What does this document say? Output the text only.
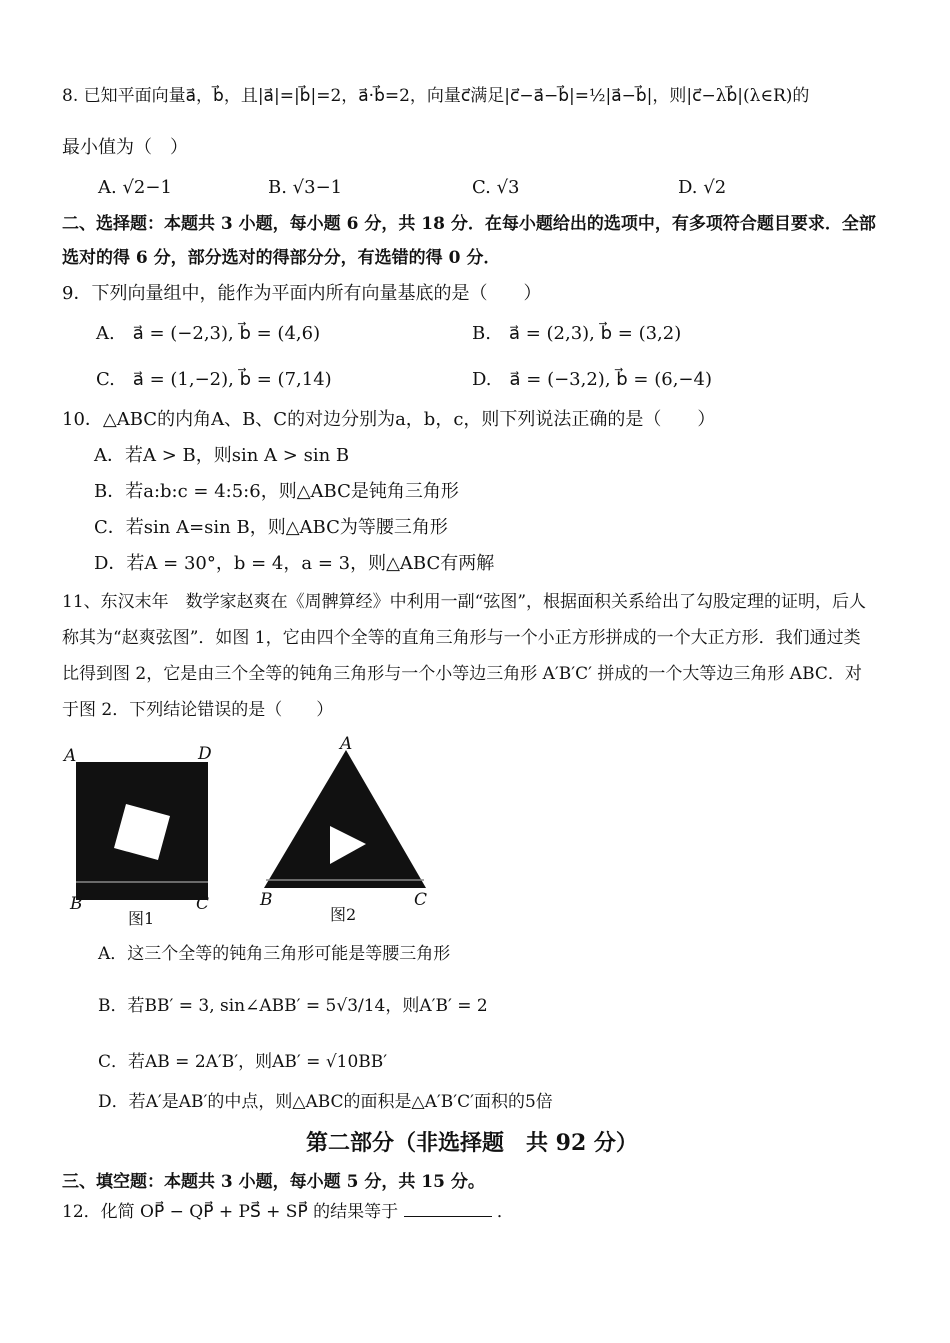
8. 已知平面向量a⃗，b⃗，且|a⃗|=|b⃗|=2，a⃗·b⃗=2，向量c⃗满足|c⃗−a⃗−b⃗|=½|a⃗−b⃗|，则|c⃗−λb⃗|(λ∈R)的
最小值为（　）
A. √2−1	B. √3−1	C. √3	D. √2
二、选择题：本题共 3 小题，每小题 6 分，共 18 分．在每小题给出的选项中，有多项符合题目要求．全部
选对的得 6 分，部分选对的得部分分，有选错的得 0 分．
9．下列向量组中，能作为平面内所有向量基底的是（　　）
A.　a⃗ = (−2,3), b⃗ = (4,6)	B.　a⃗ = (2,3), b⃗ = (3,2)
C.　a⃗ = (1,−2), b⃗ = (7,14)	D.　a⃗ = (−3,2), b⃗ = (6,−4)
10．△ABC的内角A、B、C的对边分别为a，b，c，则下列说法正确的是（　　）
A．若A > B，则sin A > sin B
B．若a:b:c = 4:5:6，则△ABC是钝角三角形
C．若sin A=sin B，则△ABC为等腰三角形
D．若A = 30°，b = 4，a = 3，则△ABC有两解
11、东汉末年　数学家赵爽在《周髀算经》中利用一副“弦图”，根据面积关系给出了勾股定理的证明，后人
称其为“赵爽弦图”．如图 1，它由四个全等的直角三角形与一个小正方形拼成的一个大正方形．我们通过类
比得到图 2，它是由三个全等的钝角三角形与一个小等边三角形 A′B′C′ 拼成的一个大等边三角形 ABC．对
于图 2．下列结论错误的是（　　）
A	D
B	C
图1
A
B	C
图2
A．这三个全等的钝角三角形可能是等腰三角形
B．若BB′ = 3, sin∠ABB′ = 5√3/14，则A′B′ = 2
C．若AB = 2A′B′，则AB′ = √10BB′
D．若A′是AB′的中点，则△ABC的面积是△A′B′C′面积的5倍
第二部分（非选择题　共 92 分）
三、填空题：本题共 3 小题，每小题 5 分，共 15 分。
12．化简 OP⃗ − QP⃗ + PS⃗ + SP⃗ 的结果等于	．
